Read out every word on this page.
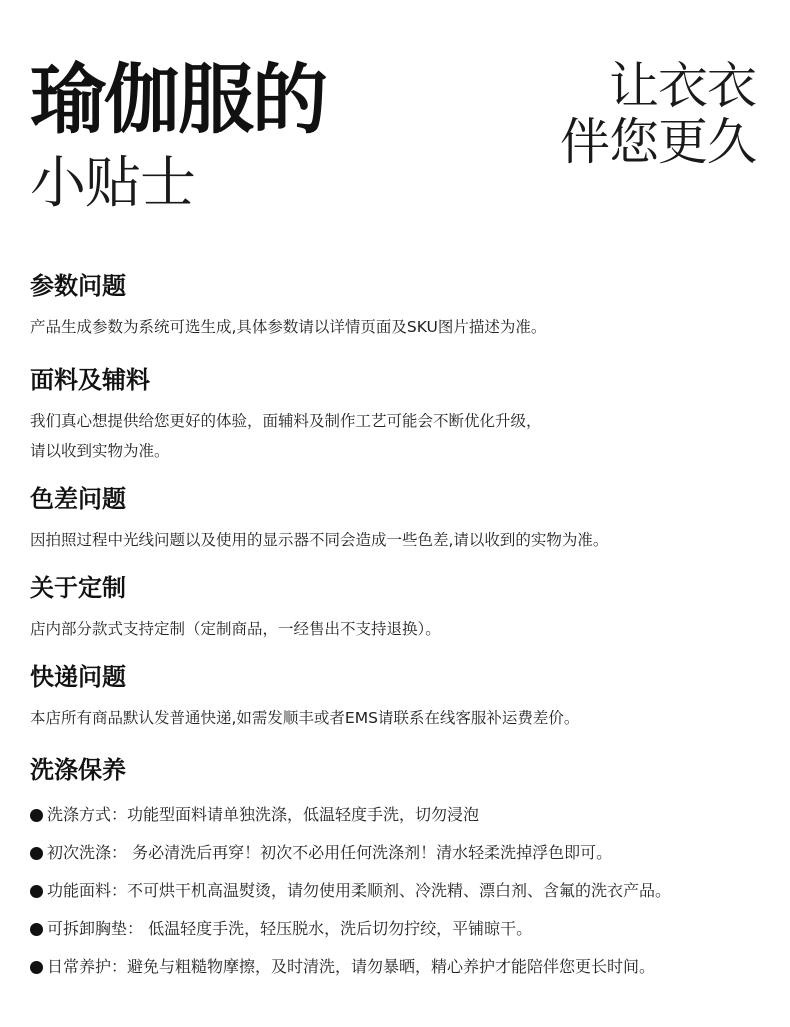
瑜伽服的
小贴士
让衣衣
伴您更久
参数问题

产品生成参数为系统可选生成,具体参数请以详情页面及SKU图片描述为准。

面料及辅料

我们真心想提供给您更好的体验，面辅料及制作工艺可能会不断优化升级，

请以收到实物为准。

色差问题

因拍照过程中光线问题以及使用的显示器不同会造成一些色差,请以收到的实物为准。

关于定制

店内部分款式支持定制（定制商品，一经售出不支持退换）。

快递问题

本店所有商品默认发普通快递,如需发顺丰或者EMS请联系在线客服补运费差价。

洗涤保养
洗涤方式：功能型面料请单独洗涤，低温轻度手洗，切勿浸泡
初次洗涤： 务必清洗后再穿！初次不必用任何洗涤剂！清水轻柔洗掉浮色即可。
功能面料：不可烘干机高温熨烫，请勿使用柔顺剂、冷洗精、漂白剂、含氟的洗衣产品。
可拆卸胸垫： 低温轻度手洗，轻压脱水，洗后切勿拧绞，平铺晾干。
日常养护：避免与粗糙物摩擦，及时清洗，请勿暴晒，精心养护才能陪伴您更长时间。
